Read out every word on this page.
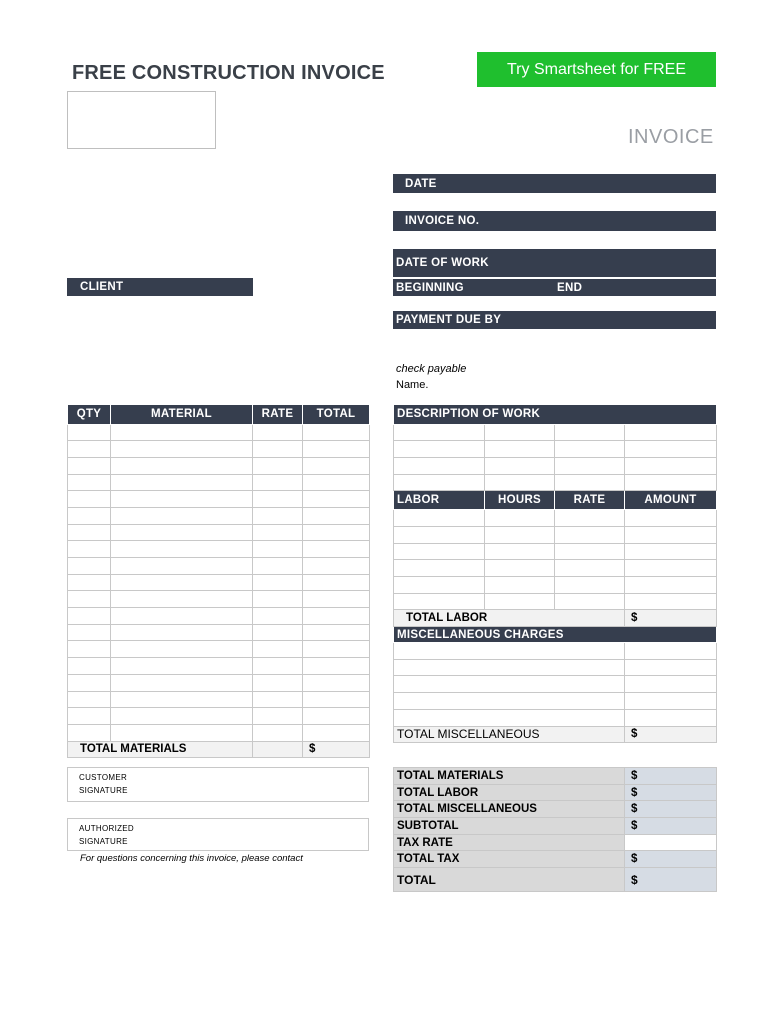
FREE CONSTRUCTION INVOICE	Try Smartsheet for FREE
INVOICE
DATE
INVOICE NO.
DATE OF WORK
BEGINNING	END
CLIENT
PAYMENT DUE BY
check payable
Name.
QTY	MATERIAL	RATE	TOTAL

TOTAL MATERIALS			$
DESCRIPTION OF WORK			

LABOR	HOURS	RATE	AMOUNT

TOTAL LABOR			$
MISCELLANEOUS CHARGES			

TOTAL MISCELLANEOUS			$
CUSTOMER
SIGNATURE
AUTHORIZED
SIGNATURE
For questions concerning this invoice, please contact
TOTAL MATERIALS	$
TOTAL LABOR	$
TOTAL MISCELLANEOUS	$
SUBTOTAL	$
TAX RATE	
TOTAL TAX	$
TOTAL	$
